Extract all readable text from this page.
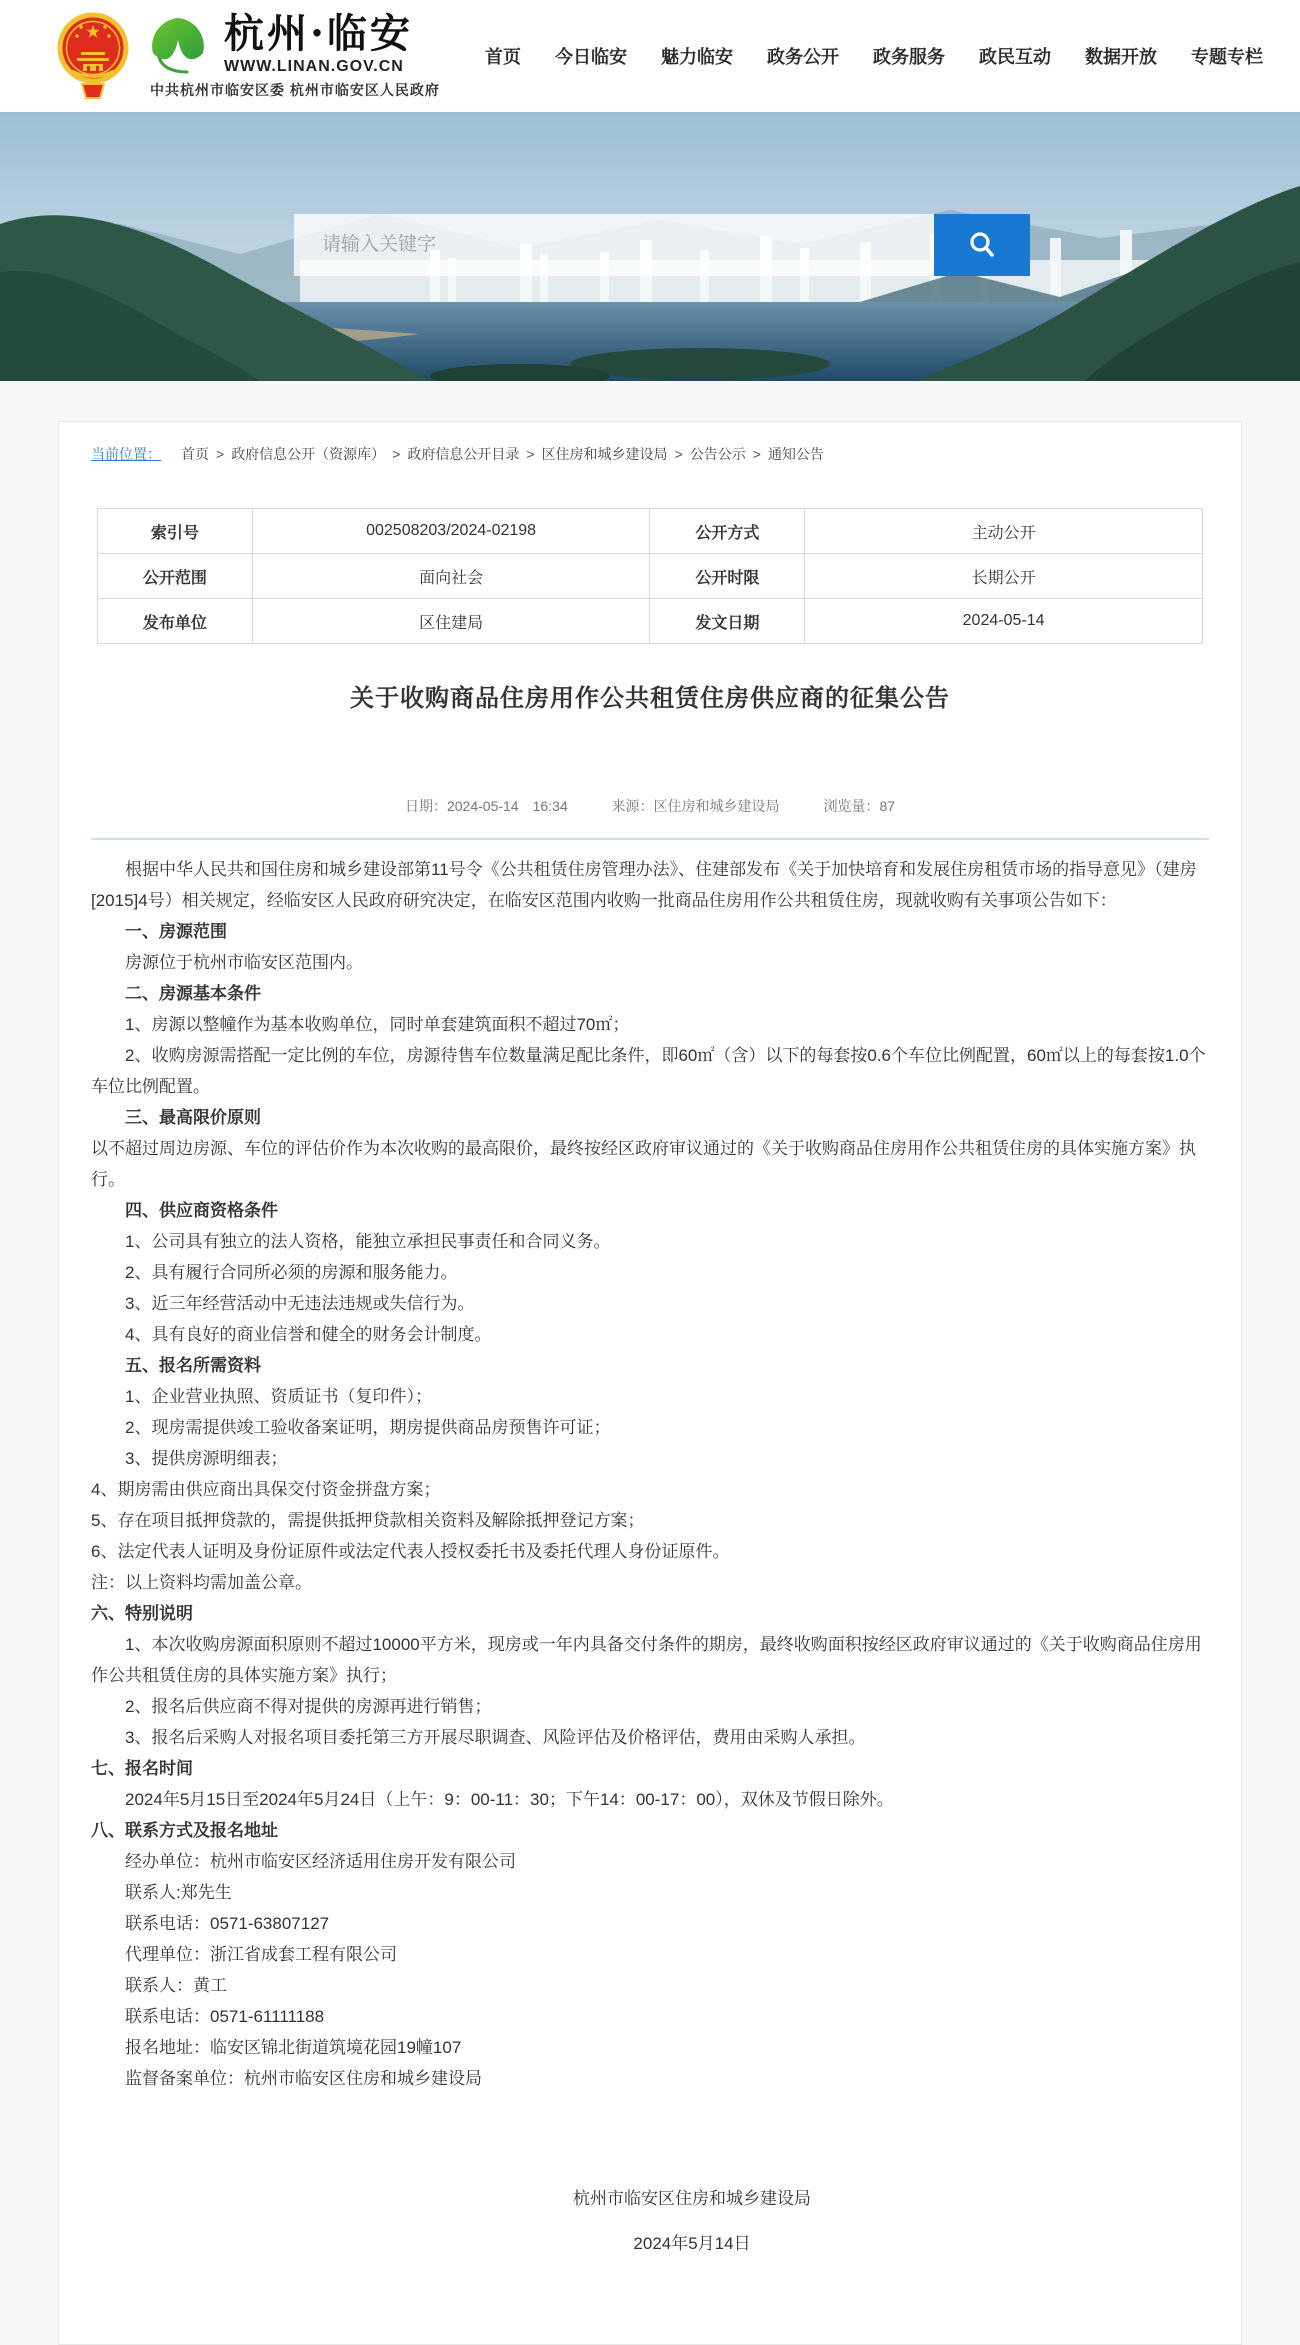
杭州·临安
WWW.LINAN.GOV.CN
中共杭州市临安区委 杭州市临安区人民政府
首页	今日临安	魅力临安	政务公开	政务服务	政民互动	数据开放	专题专栏
请输入关键字
当前位置： 首页 > 政府信息公开（资源库） > 政府信息公开目录 > 区住房和城乡建设局 > 公告公示 > 通知公告
索引号	002508203/2024-02198	公开方式	主动公开
公开范围	面向社会	公开时限	长期公开
发布单位	区住建局	发文日期	2024-05-14
关于收购商品住房用作公共租赁住房供应商的征集公告
日期：2024-05-14 16:34	来源：区住房和城乡建设局	浏览量：87

根据中华人民共和国住房和城乡建设部第11号令《公共租赁住房管理办法》、住建部发布《关于加快培育和发展住房租赁市场的指导意见》（建房[2015]4号）相关规定，经临安区人民政府研究决定，在临安区范围内收购一批商品住房用作公共租赁住房，现就收购有关事项公告如下：

一、房源范围

房源位于杭州市临安区范围内。

二、房源基本条件

1、房源以整幢作为基本收购单位，同时单套建筑面积不超过70㎡；

2、收购房源需搭配一定比例的车位，房源待售车位数量满足配比条件，即60㎡（含）以下的每套按0.6个车位比例配置，60㎡以上的每套按1.0个车位比例配置。

三、最高限价原则

以不超过周边房源、车位的评估价作为本次收购的最高限价，最终按经区政府审议通过的《关于收购商品住房用作公共租赁住房的具体实施方案》执行。

四、供应商资格条件

1、公司具有独立的法人资格，能独立承担民事责任和合同义务。

2、具有履行合同所必须的房源和服务能力。

3、近三年经营活动中无违法违规或失信行为。

4、具有良好的商业信誉和健全的财务会计制度。

五、报名所需资料

1、企业营业执照、资质证书（复印件）；

2、现房需提供竣工验收备案证明，期房提供商品房预售许可证；

3、提供房源明细表；

4、期房需由供应商出具保交付资金拼盘方案；

5、存在项目抵押贷款的，需提供抵押贷款相关资料及解除抵押登记方案；

6、法定代表人证明及身份证原件或法定代表人授权委托书及委托代理人身份证原件。

注：以上资料均需加盖公章。

六、特别说明

1、本次收购房源面积原则不超过10000平方米，现房或一年内具备交付条件的期房，最终收购面积按经区政府审议通过的《关于收购商品住房用作公共租赁住房的具体实施方案》执行；

2、报名后供应商不得对提供的房源再进行销售；

3、报名后采购人对报名项目委托第三方开展尽职调查、风险评估及价格评估，费用由采购人承担。

七、报名时间

2024年5月15日至2024年5月24日（上午：9：00-11：30；下午14：00-17：00），双休及节假日除外。

八、联系方式及报名地址

经办单位：杭州市临安区经济适用住房开发有限公司

联系人:郑先生

联系电话：0571-63807127

代理单位：浙江省成套工程有限公司

联系人：黄工

联系电话：0571-61111188

报名地址：临安区锦北街道筑境花园19幢107

监督备案单位：杭州市临安区住房和城乡建设局

杭州市临安区住房和城乡建设局
2024年5月14日
